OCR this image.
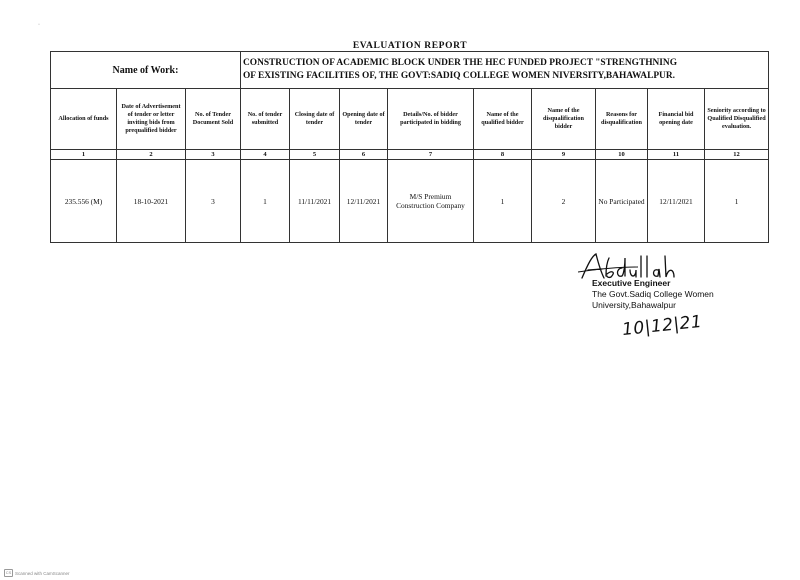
·
EVALUATION REPORT
Name of Work:			CONSTRUCTION OF ACADEMIC BLOCK UNDER THE HEC FUNDED PROJECT "STRENGTHNING
OF EXISTING FACILITIES OF, THE GOVT:SADIQ COLLEGE WOMEN NIVERSITY,BAHAWALPUR.								

Allocation of funds	Date of Advertisement of tender or letter inviting bids from prequalified bidder	No. of Tender Document Sold	No. of tender submitted	Closing date of tender	Opening date of tender	Details/No. of bidder participated in bidding	Name of the qualified bidder	Name of the disqualification bidder	Reasons for disqualification	Financial bid opening date	Seniority according to Qualified Disqualified evaluation.
1	2	3	4	5	6	7	8	9	10	11	12
235.556 (M)	18-10-2021	3	1	11/11/2021	12/11/2021	M/S Premium Construction Company	1	2	No Participated	12/11/2021	1
Executive Engineer
The Govt.Sadiq College Women
University,Bahawalpur
10|12|21
CS Scanned with CamScanner
